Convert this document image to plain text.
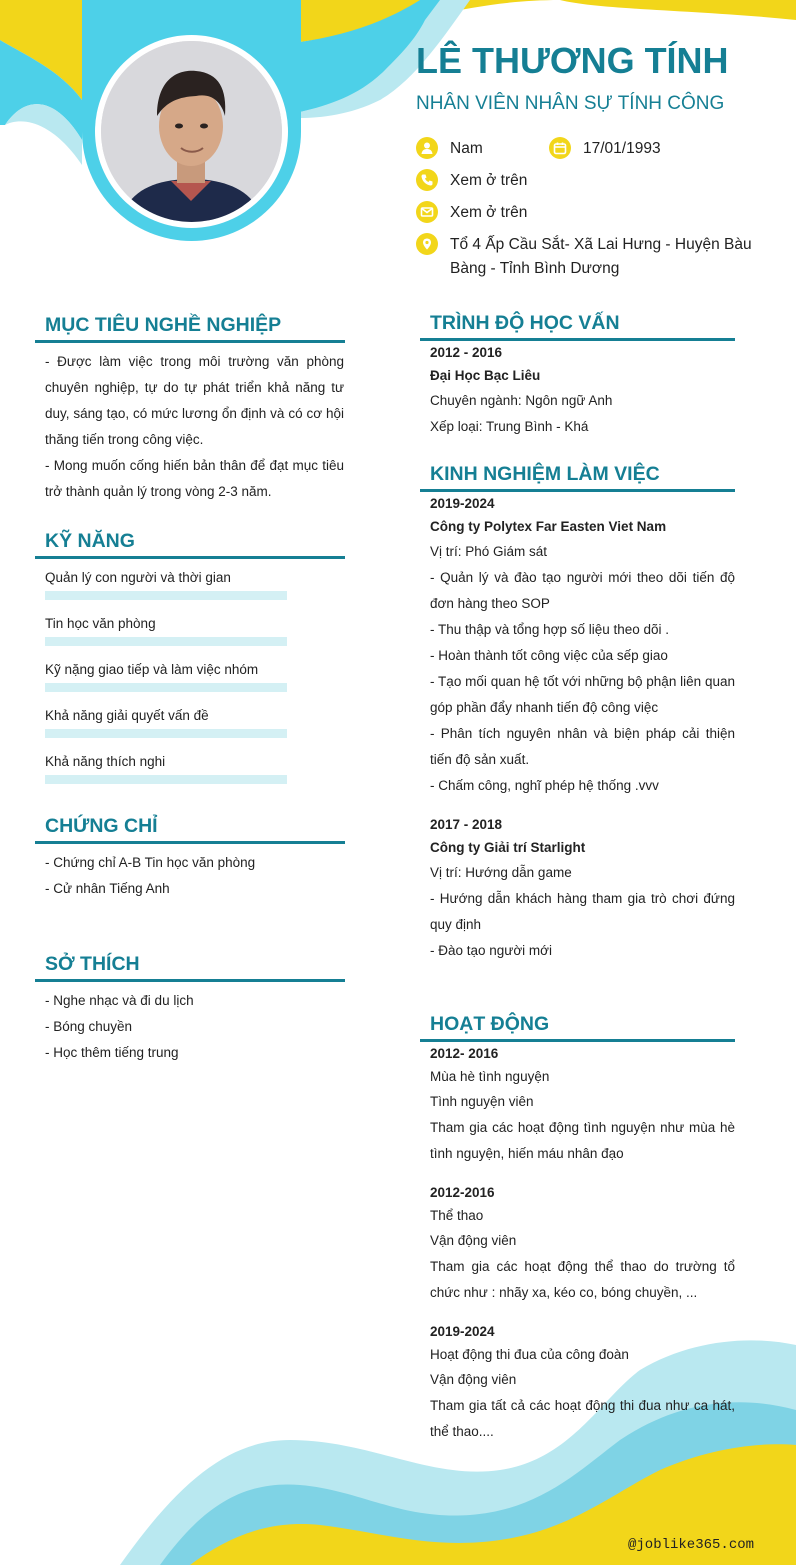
LÊ THƯƠNG TÍNH
NHÂN VIÊN NHÂN SỰ TÍNH CÔNG
Nam	17/01/1993
Xem ở trên
Xem ở trên
Tổ 4 Ấp Cầu Sắt- Xã Lai Hưng - Huyện Bàu
Bàng - Tỉnh Bình Dương
MỤC TIÊU NGHỀ NGHIỆP

- Được làm việc trong môi trường văn phòng chuyên nghiệp, tự do tự phát triển khả năng tư duy, sáng tạo, có mức lương ổn định và có cơ hội thăng tiến trong công việc.

- Mong muốn cống hiến bản thân để đạt mục tiêu trở thành quản lý trong vòng 2-3 năm.

KỸ NĂNG
Quản lý con người và thời gian
Tin học văn phòng
Kỹ nặng giao tiếp và làm việc nhóm
Khả năng giải quyết vấn đề
Khả năng thích nghi
CHỨNG CHỈ
- Chứng chỉ A-B Tin học văn phòng
- Cử nhân Tiếng Anh
SỞ THÍCH
- Nghe nhạc và đi du lịch
- Bóng chuyền
- Học thêm tiếng trung
TRÌNH ĐỘ HỌC VẤN
2012 - 2016
Đại Học Bạc Liêu
Chuyên ngành: Ngôn ngữ Anh
Xếp loại: Trung Bình - Khá
KINH NGHIỆM LÀM VIỆC
2019-2024
Công ty Polytex Far Easten Viet Nam
Vị trí: Phó Giám sát

- Quản lý và đào tạo người mới theo dõi tiến độ đơn hàng theo SOP

- Thu thập và tổng hợp số liệu theo dõi .

- Hoàn thành tốt công việc của sếp giao

- Tạo mối quan hệ tốt với những bộ phận liên quan góp phần đẩy nhanh tiến độ công việc

- Phân tích nguyên nhân và biện pháp cải thiện tiến độ sản xuất.

- Chấm công, nghĩ phép hệ thống .vvv

2017 - 2018
Công ty Giải trí Starlight
Vị trí: Hướng dẫn game

- Hướng dẫn khách hàng tham gia trò chơi đứng quy định

- Đào tạo người mới

HOẠT ĐỘNG
2012- 2016
Mùa hè tình nguyện
Tình nguyện viên
Tham gia các hoạt động tình nguyện như mùa hè tình nguyện, hiến máu nhân đạo
2012-2016
Thể thao
Vận động viên
Tham gia các hoạt động thể thao do trường tổ chức như : nhãy xa, kéo co, bóng chuyền, ...
2019-2024
Hoạt động thi đua của công đoàn
Vận động viên
Tham gia tất cả các hoạt động thi đua như ca hát, thể thao....
@joblike365.com
